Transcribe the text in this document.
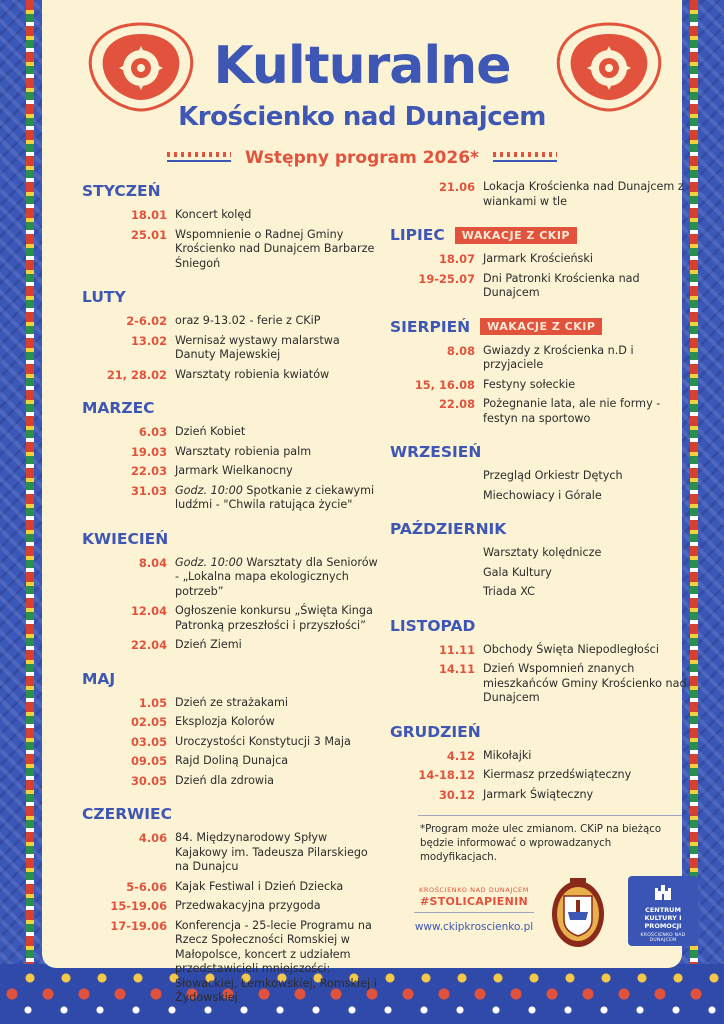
Kulturalne
Krościenko nad Dunajcem
Wstępny program 2026*
STYCZEŃ
18.01 Koncert kolęd
25.01 Wspomnienie o Radnej Gminy Krościenko nad Dunajcem Barbarze Śniegoń
LUTY
2-6.02 oraz 9-13.02 - ferie z CKiP
13.02 Wernisaż wystawy malarstwa Danuty Majewskiej
21, 28.02 Warsztaty robienia kwiatów
MARZEC
6.03 Dzień Kobiet
19.03 Warsztaty robienia palm
22.03 Jarmark Wielkanocny
31.03 Godz. 10:00 Spotkanie z ciekawymi ludźmi - "Chwila ratująca życie"
KWIECIEŃ
8.04 Godz. 10:00 Warsztaty dla Seniorów - „Lokalna mapa ekologicznych potrzeb”
12.04 Ogłoszenie konkursu „Święta Kinga Patronką przeszłości i przyszłości”
22.04 Dzień Ziemi
MAJ
1.05 Dzień ze strażakami
02.05 Eksplozja Kolorów
03.05 Uroczystości Konstytucji 3 Maja
09.05 Rajd Doliną Dunajca
30.05 Dzień dla zdrowia
CZERWIEC
4.06 84. Międzynarodowy Spływ Kajakowy im. Tadeusza Pilarskiego na Dunajcu
5-6.06 Kajak Festiwal i Dzień Dziecka
15-19.06 Przedwakacyjna przygoda
17-19.06 Konferencja - 25-lecie Programu na Rzecz Społeczności Romskiej w Małopolsce, koncert z udziałem przedstawicieli mniejszości: Słowackiej, Łemkowskiej, Romskiej i Żydowskiej
21.06 Lokacja Krościenka nad Dunajcem z wiankami w tle
LIPIEC	WAKACJE Z CKIP
18.07 Jarmark Krościeński
19-25.07 Dni Patronki Krościenka nad Dunajcem
SIERPIEŃ	WAKACJE Z CKIP
8.08 Gwiazdy z Krościenka n.D i przyjaciele
15, 16.08 Festyny sołeckie
22.08 Pożegnanie lata, ale nie formy - festyn na sportowo
WRZESIEŃ
Przegląd Orkiestr Dętych
Miechowiacy i Górale
PAŹDZIERNIK
Warsztaty kolędnicze
Gala Kultury
Triada XC
LISTOPAD
11.11 Obchody Święta Niepodległości
14.11 Dzień Wspomnień znanych mieszkańców Gminy Krościenko nad Dunajcem
GRUDZIEŃ
4.12 Mikołajki
14-18.12 Kiermasz przedświąteczny
30.12 Jarmark Świąteczny
*Program może ulec zmianom. CKiP na bieżąco będzie informować o wprowadzanych modyfikacjach.
KROŚCIENKO NAD DUNAJCEM
#STOLICAPIENIN
www.ckipkroscienko.pl
CENTRUM
KULTURY I PROMOCJI
KROŚCIENKO NAD DUNAJCEM
